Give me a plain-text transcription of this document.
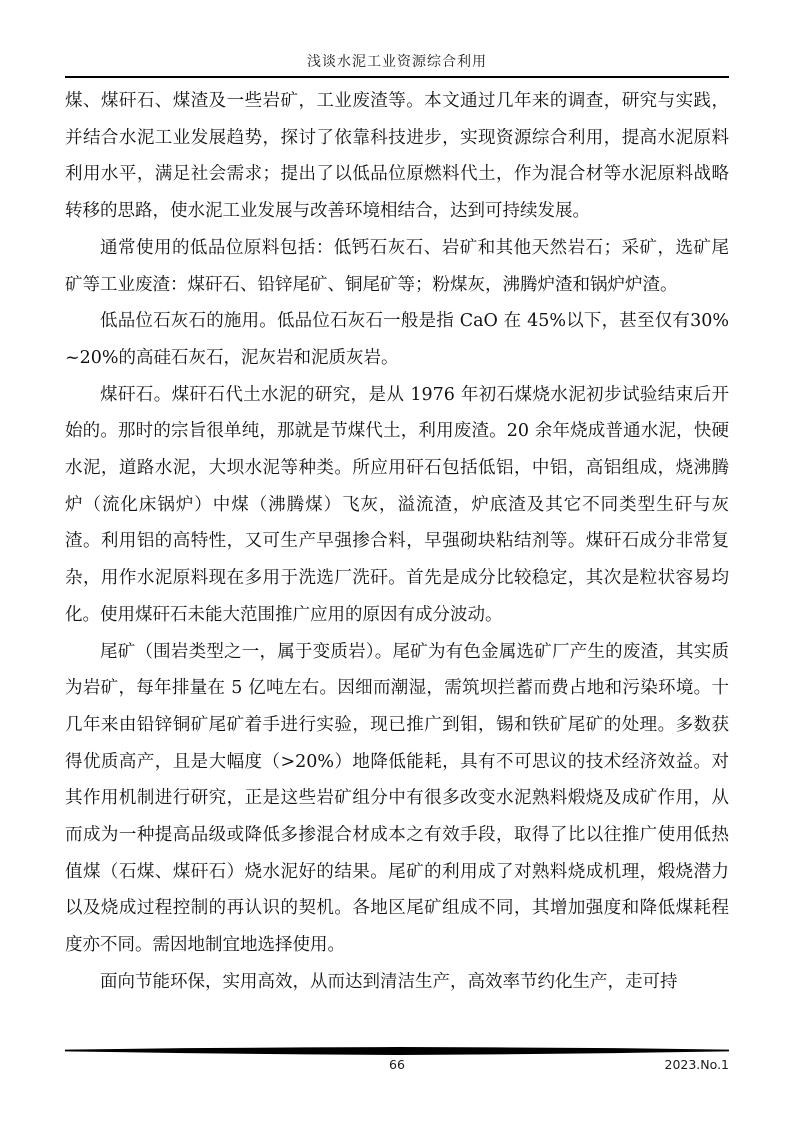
浅谈水泥工业资源综合利用

煤、煤矸石、煤渣及一些岩矿，工业废渣等。本文通过几年来的调查，研究与实践，并结合水泥工业发展趋势，探讨了依靠科技进步，实现资源综合利用，提高水泥原料利用水平，满足社会需求；提出了以低品位原燃料代土，作为混合材等水泥原料战略转移的思路，使水泥工业发展与改善环境相结合，达到可持续发展。

通常使用的低品位原料包括：低钙石灰石、岩矿和其他天然岩石；采矿，选矿尾矿等工业废渣：煤矸石、铅锌尾矿、铜尾矿等；粉煤灰，沸腾炉渣和锅炉炉渣。

低品位石灰石的施用。低品位石灰石一般是指 CaO 在 45%以下，甚至仅有30%~20%的高硅石灰石，泥灰岩和泥质灰岩。

煤矸石。煤矸石代土水泥的研究，是从 1976 年初石煤烧水泥初步试验结束后开始的。那时的宗旨很单纯，那就是节煤代土，利用废渣。20 余年烧成普通水泥，快硬水泥，道路水泥，大坝水泥等种类。所应用矸石包括低铝，中铝，高铝组成，烧沸腾炉（流化床锅炉）中煤（沸腾煤）飞灰，溢流渣，炉底渣及其它不同类型生矸与灰渣。利用铝的高特性，又可生产早强掺合料，早强砌块粘结剂等。煤矸石成分非常复杂，用作水泥原料现在多用于洗选厂洗矸。首先是成分比较稳定，其次是粒状容易均化。使用煤矸石未能大范围推广应用的原因有成分波动。

尾矿（围岩类型之一，属于变质岩）。尾矿为有色金属选矿厂产生的废渣，其实质为岩矿，每年排量在 5 亿吨左右。因细而潮湿，需筑坝拦蓄而费占地和污染环境。十几年来由铅锌铜矿尾矿着手进行实验，现已推广到钼，锡和铁矿尾矿的处理。多数获得优质高产，且是大幅度（>20%）地降低能耗，具有不可思议的技术经济效益。对其作用机制进行研究，正是这些岩矿组分中有很多改变水泥熟料煅烧及成矿作用，从而成为一种提高品级或降低多掺混合材成本之有效手段，取得了比以往推广使用低热值煤（石煤、煤矸石）烧水泥好的结果。尾矿的利用成了对熟料烧成机理，煅烧潜力以及烧成过程控制的再认识的契机。各地区尾矿组成不同，其增加强度和降低煤耗程度亦不同。需因地制宜地选择使用。

面向节能环保，实用高效，从而达到清洁生产，高效率节约化生产，走可持

66	2023.No.1
